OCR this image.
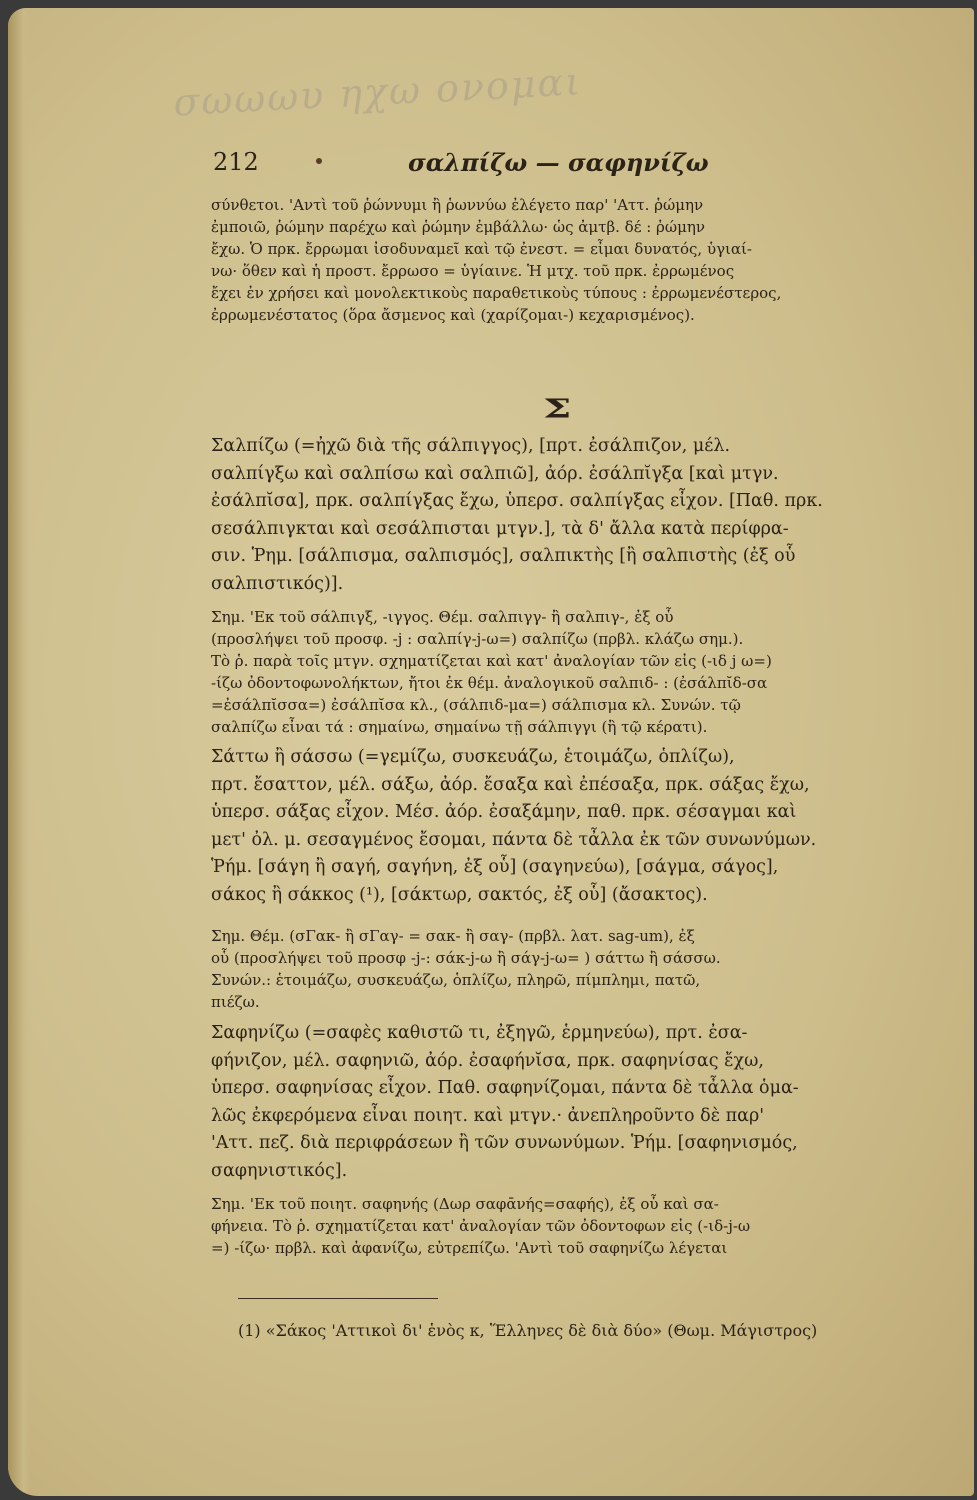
σωωωυ ηχω ονομαι
212	σαλπίζω — σαφηνίζω
σύνθετοι. 'Αντὶ τοῦ ῥώννυμι ἢ ῥωννύω ἐλέγετο παρ' 'Αττ. ῥώμην
ἐμποιῶ, ῥώμην παρέχω καὶ ῥώμην ἐμβάλλω· ὡς ἀμτβ. δέ : ῥώμην
ἔχω. Ὁ πρκ. ἔρρωμαι ἰσοδυναμεῖ καὶ τῷ ἐνεστ. = εἶμαι δυνατός, ὑγιαί-
νω· ὅθεν καὶ ἡ προστ. ἔρρωσο = ὑγίαινε. Ἡ μτχ. τοῦ πρκ. ἐρρωμένος
ἔχει ἐν χρήσει καὶ μονολεκτικοὺς παραθετικοὺς τύπους : ἐρρωμενέστερος,
ἐρρωμενέστατος (ὅρα ἄσμενος καὶ (χαρίζομαι-) κεχαρισμένος).
Σ
Σαλπίζω (=ἠχῶ διὰ τῆς σάλπιγγος), [πρτ. ἐσάλπιζον, μέλ.
σαλπίγξω καὶ σαλπίσω καὶ σαλπιῶ], ἀόρ. ἐσάλπῐγξα [καὶ μτγν.
ἐσάλπῐσα], πρκ. σαλπίγξας ἔχω, ὑπερσ. σαλπίγξας εἶχον. [Παθ. πρκ.
σεσάλπιγκται καὶ σεσάλπισται μτγν.], τὰ δ' ἄλλα κατὰ περίφρα-
σιν. Ῥημ. [σάλπισμα, σαλπισμός], σαλπικτὴς [ἢ σαλπιστὴς (ἐξ οὗ
σαλπιστικός)].
Σημ. 'Εκ τοῦ σάλπιγξ, -ιγγος. Θέμ. σαλπιγγ- ἢ σαλπιγ-, ἐξ οὗ
(προσλήψει τοῦ προσφ. -j : σαλπίγ-j-ω=) σαλπίζω (πρβλ. κλάζω σημ.).
Τὸ ῥ. παρὰ τοῖς μτγν. σχηματίζεται καὶ κατ' ἀναλογίαν τῶν εἰς (-ιδ j ω=)
-ίζω ὀδοντοφωνολήκτων, ἤτοι ἐκ θέμ. ἀναλογικοῦ σαλπιδ- : (ἐσάλπῐδ-σα
=ἐσάλπῐσσα=) ἐσάλπῐσα κλ., (σάλπιδ-μα=) σάλπισμα κλ. Συνών. τῷ
σαλπίζω εἶναι τά : σημαίνω, σημαίνω τῇ σάλπιγγι (ἢ τῷ κέρατι).
Σάττω ἢ σάσσω (=γεμίζω, συσκευάζω, ἑτοιμάζω, ὁπλίζω),
πρτ. ἔσαττον, μέλ. σάξω, ἀόρ. ἔσαξα καὶ ἐπέσαξα, πρκ. σάξας ἔχω,
ὑπερσ. σάξας εἶχον. Μέσ. ἀόρ. ἐσαξάμην, παθ. πρκ. σέσαγμαι καὶ
μετ' ὀλ. μ. σεσαγμένος ἔσομαι, πάντα δὲ τἆλλα ἐκ τῶν συνωνύμων.
Ῥήμ. [σάγη ἢ σαγή, σαγήνη, ἐξ οὗ] (σαγηνεύω), [σάγμα, σάγος],
σάκος ἢ σάκκος (¹), [σάκτωρ, σακτός, ἐξ οὗ] (ἄσακτος).
Σημ. Θέμ. (σΓακ- ἢ σΓαγ- = σακ- ἢ σαγ- (πρβλ. λατ. sag-um), ἐξ
οὗ (προσλήψει τοῦ προσφ -j-: σάκ-j-ω ἢ σάγ-j-ω= ) σάττω ἢ σάσσω.
Συνών.: ἑτοιμάζω, συσκευάζω, ὁπλίζω, πληρῶ, πίμπλημι, πατῶ,
πιέζω.
Σαφηνίζω (=σαφὲς καθιστῶ τι, ἐξηγῶ, ἑρμηνεύω), πρτ. ἐσα-
φήνιζον, μέλ. σαφηνιῶ, ἀόρ. ἐσαφήνῐσα, πρκ. σαφηνίσας ἔχω,
ὑπερσ. σαφηνίσας εἶχον. Παθ. σαφηνίζομαι, πάντα δὲ τἆλλα ὁμα-
λῶς ἐκφερόμενα εἶναι ποιητ. καὶ μτγν.· ἀνεπληροῦντο δὲ παρ'
'Αττ. πεζ. διὰ περιφράσεων ἢ τῶν συνωνύμων. Ῥήμ. [σαφηνισμός,
σαφηνιστικός].
Σημ. 'Εκ τοῦ ποιητ. σαφηνής (Δωρ σαφᾱνής=σαφής), ἐξ οὗ καὶ σα-
φήνεια. Τὸ ῥ. σχηματίζεται κατ' ἀναλογίαν τῶν ὀδοντοφων εἰς (-ιδ-j-ω
=) -ίζω· πρβλ. καὶ ἀφανίζω, εὐτρεπίζω. 'Αντὶ τοῦ σαφηνίζω λέγεται
(1) «Σάκος 'Αττικοὶ δι' ἑνὸς κ, Ἕλληνες δὲ διὰ δύο» (Θωμ. Μάγιστρος)
